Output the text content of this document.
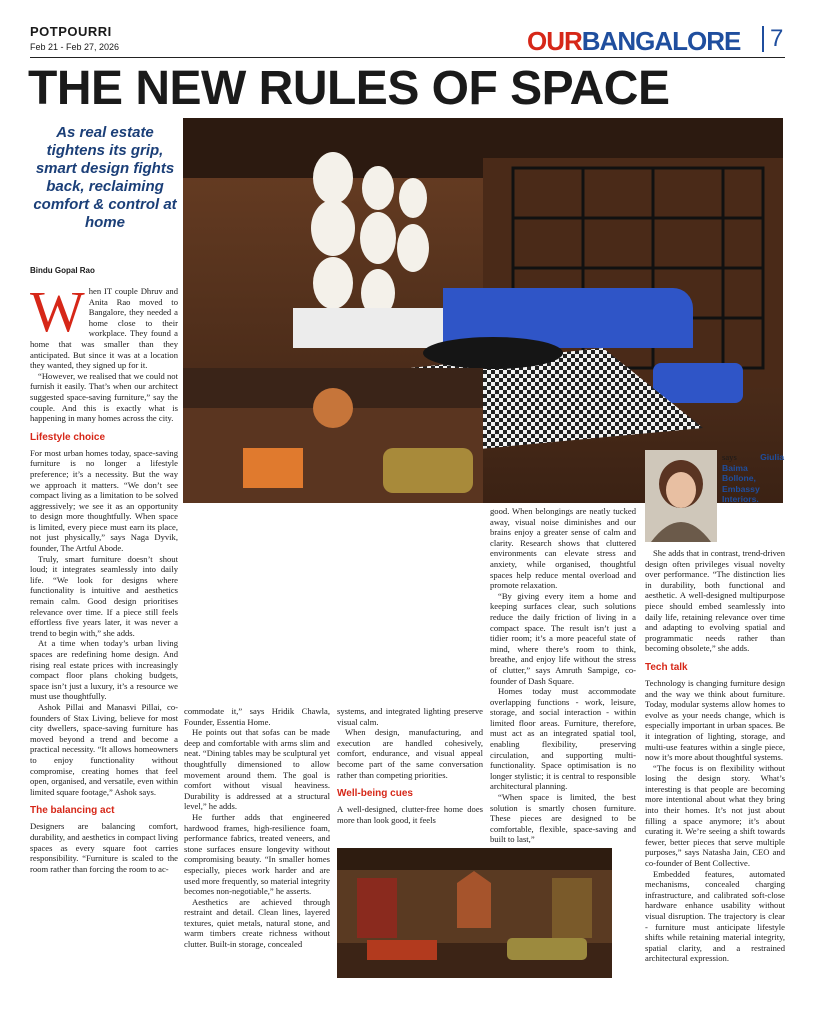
POTPOURRI
Feb 21 - Feb 27, 2026	OURBANGALORE	7
THE NEW RULES OF SPACE
As real estate tightens its grip, smart design fights back, reclaiming comfort & control at home
Bindu Gopal Rao

When IT couple Dhruv and Anita Rao moved to Bangalore, they needed a home close to their workplace. They found a home that was smaller than they anticipated. But since it was at a location they wanted, they signed up for it.

“However, we realised that we could not furnish it easily. That’s when our architect suggested space-saving furniture,” say the couple. And this is exactly what is happening in many homes across the city.

Lifestyle choice

For most urban homes today, space-saving furniture is no longer a lifestyle preference; it’s a necessity. But the way we approach it matters. “We don’t see compact living as a limitation to be solved aggressively; we see it as an opportunity to design more thoughtfully. When space is limited, every piece must earn its place, not just physically,” says Naga Dyvik, founder, The Artful Abode.

Truly, smart furniture doesn’t shout loud; it integrates seamlessly into daily life. “We look for designs where functionality is intuitive and aesthetics remain calm. Good design prioritises relevance over time. If a piece still feels effortless five years later, it was never a trend to begin with,” she adds.

At a time when today’s urban living spaces are redefining home design. And rising real estate prices with increasingly compact floor plans choking budgets, space isn’t just a luxury, it’s a resource we must use thoughtfully.

Ashok Pillai and Manasvi Pillai, co-founders of Stax Living, believe for most city dwellers, space-saving furniture has moved beyond a trend and become a practical necessity. “It allows homeowners to enjoy functionality without compromise, creating homes that feel open, organised, and versatile, even within limited square footage,” Ashok says.

The balancing act

Designers are balancing comfort, durability, and aesthetics in compact living spaces as every square foot carries responsibility. “Furniture is scaled to the room rather than forcing the room to ac-

commodate it,” says Hridik Chawla, Founder, Essentia Home.

He points out that sofas can be made deep and comfortable with arms slim and neat. “Dining tables may be sculptural yet thoughtfully dimensioned to allow movement around them. The goal is comfort without visual heaviness. Durability is addressed at a structural level,” he adds.

He further adds that engineered hardwood frames, high-resilience foam, performance fabrics, treated veneers, and stone surfaces ensure longevity without compromising beauty. “In smaller homes especially, pieces work harder and are used more frequently, so material integrity becomes non-negotiable,” he asserts.

Aesthetics are achieved through restraint and detail. Clean lines, layered textures, quiet metals, natural stone, and warm timbers create richness without clutter. Built-in storage, concealed

systems, and integrated lighting preserve visual calm.

When design, manufacturing, and execution are handled cohesively, comfort, endurance, and visual appeal become part of the same conversation rather than competing priorities.

Well-being cues

A well-designed, clutter-free home does more than look good, it feels

good. When belongings are neatly tucked away, visual noise diminishes and our brains enjoy a greater sense of calm and clarity. Research shows that cluttered environments can elevate stress and anxiety, while organised, thoughtful spaces help reduce mental overload and promote relaxation.

“By giving every item a home and keeping surfaces clear, such solutions reduce the daily friction of living in a compact space. The result isn’t just a tidier room; it’s a more peaceful state of mind, where there’s room to think, breathe, and enjoy life without the stress of clutter,” says Amruth Sampige, co-founder of Dash Square.

Homes today must accommodate overlapping functions - work, leisure, storage, and social interaction - within limited floor areas. Furniture, therefore, must act as an integrated spatial tool, enabling flexibility, preserving circulation, and supporting multi-functionality. Space optimisation is no longer stylistic; it is central to responsible architectural planning.

“When space is limited, the best solution is smartly chosen furniture. These pieces are designed to be comfortable, flexible, space-saving and built to last,”

says Giulia Baima Bollone, Embassy Interiors.

She adds that in contrast, trend-driven design often privileges visual novelty over performance. “The distinction lies in durability, both functional and aesthetic. A well-designed multipurpose piece should embed seamlessly into daily life, retaining relevance over time and adapting to evolving spatial and programmatic needs rather than becoming obsolete,” she adds.

Tech talk

Technology is changing furniture design and the way we think about furniture. Today, modular systems allow homes to evolve as your needs change, which is especially important in urban spaces. Be it integration of lighting, storage, and multi-use features within a single piece, now it’s more about thoughtful systems.

“The focus is on flexibility without losing the design story. What’s interesting is that people are becoming more intentional about what they bring into their homes. It’s not just about filling a space anymore; it’s about curating it. We’re seeing a shift towards fewer, better pieces that serve multiple purposes,” says Natasha Jain, CEO and co-founder of Bent Collective.

Embedded features, automated mechanisms, concealed charging infrastructure, and calibrated soft-close hardware enhance usability without visual disruption. The trajectory is clear - furniture must anticipate lifestyle shifts while retaining material integrity, spatial clarity, and a restrained architectural expression.
